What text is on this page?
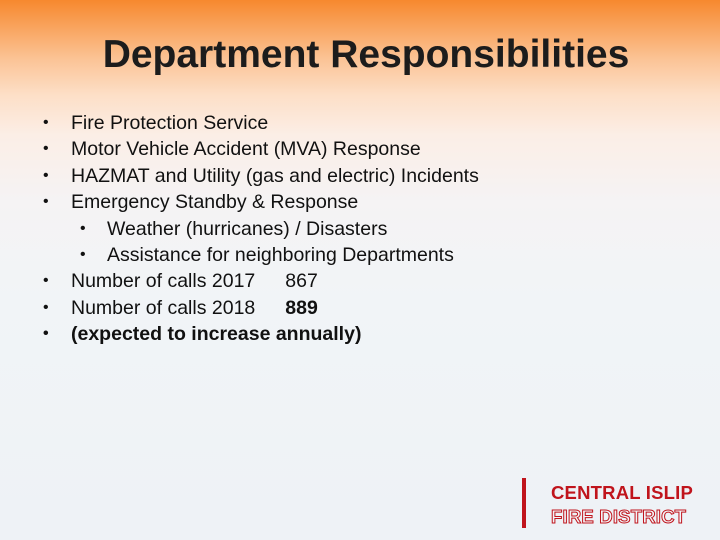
Department Responsibilities
• Fire Protection Service
• Motor Vehicle Accident (MVA) Response
• HAZMAT and Utility (gas and electric) Incidents
• Emergency Standby & Response
• Weather (hurricanes) / Disasters
• Assistance for neighboring Departments
• Number of calls 2017 867
• Number of calls 2018 889
• (expected to increase annually)
CENTRAL ISLIP
FIRE DISTRICT
